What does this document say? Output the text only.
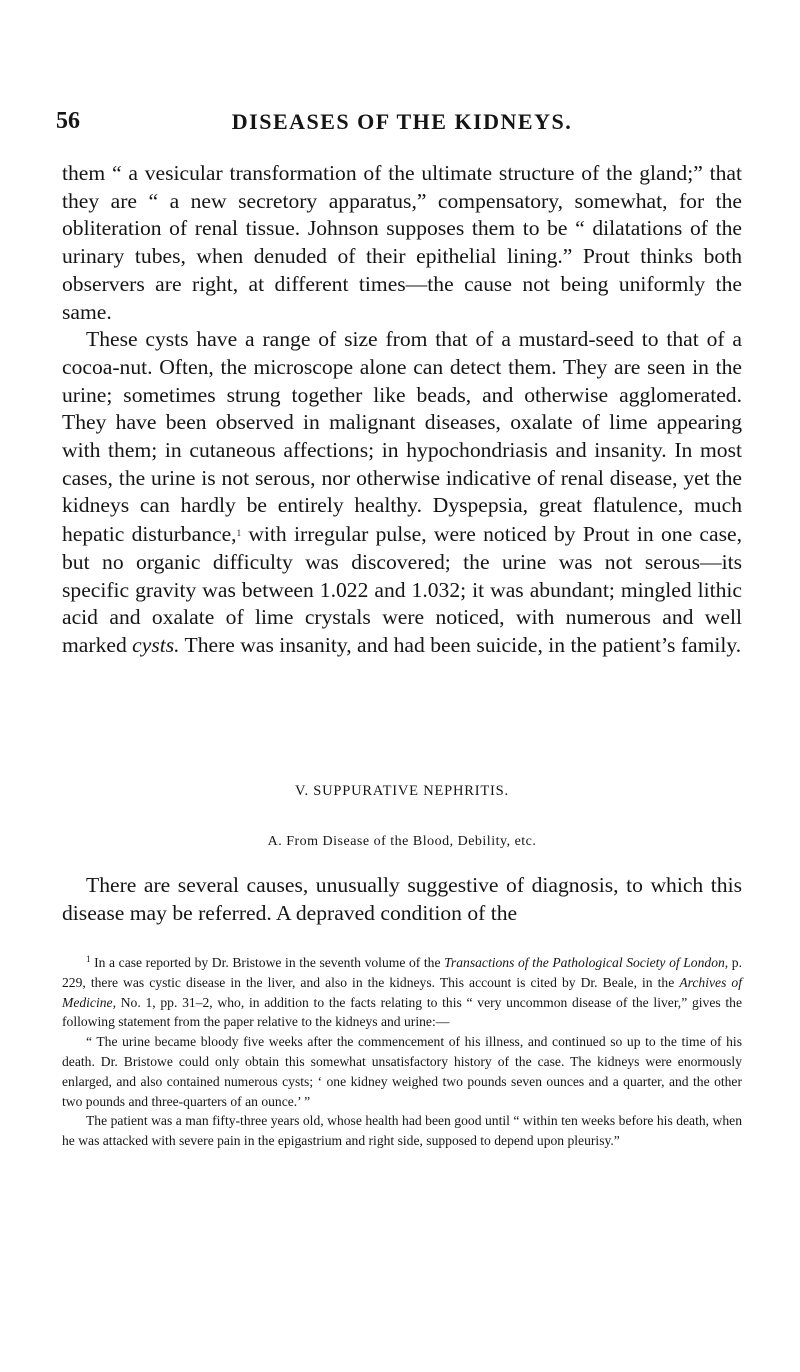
56	DISEASES OF THE KIDNEYS.

them “ a vesicular transformation of the ultimate structure of the gland;” that they are “ a new secretory apparatus,” compensatory, somewhat, for the obliteration of renal tissue. Johnson supposes them to be “ dilatations of the urinary tubes, when denuded of their epithelial lining.” Prout thinks both observers are right, at different times—the cause not being uniformly the same.

These cysts have a range of size from that of a mustard-seed to that of a cocoa-nut. Often, the microscope alone can detect them. They are seen in the urine; sometimes strung together like beads, and otherwise agglomerated. They have been observed in malignant diseases, oxalate of lime appearing with them; in cutaneous affections; in hypochondriasis and insanity. In most cases, the urine is not serous, nor otherwise indicative of renal disease, yet the kidneys can hardly be entirely healthy. Dyspepsia, great flatulence, much hepatic disturbance,$^1$ with irregular pulse, were noticed by Prout in one case, but no organic difficulty was discovered; the urine was not serous—its specific gravity was between 1.022 and 1.032; it was abundant; mingled lithic acid and oxalate of lime crystals were noticed, with numerous and well marked cysts. There was insanity, and had been suicide, in the patient’s family.

V. SUPPURATIVE NEPHRITIS.
A. From Disease of the Blood, Debility, etc.

There are several causes, unusually suggestive of diagnosis, to which this disease may be referred. A depraved condition of the

$^1$ In a case reported by Dr. Bristowe in the seventh volume of the Transactions of the Pathological Society of London, p. 229, there was cystic disease in the liver, and also in the kidneys. This account is cited by Dr. Beale, in the Archives of Medicine, No. 1, pp. 31–2, who, in addition to the facts relating to this “ very uncommon disease of the liver,” gives the following statement from the paper relative to the kidneys and urine:—

“ The urine became bloody five weeks after the commencement of his illness, and continued so up to the time of his death. Dr. Bristowe could only obtain this somewhat unsatisfactory history of the case. The kidneys were enormously enlarged, and also contained numerous cysts; ‘ one kidney weighed two pounds seven ounces and a quarter, and the other two pounds and three-quarters of an ounce.’ ”

The patient was a man fifty-three years old, whose health had been good until “ within ten weeks before his death, when he was attacked with severe pain in the epigastrium and right side, supposed to depend upon pleurisy.”
